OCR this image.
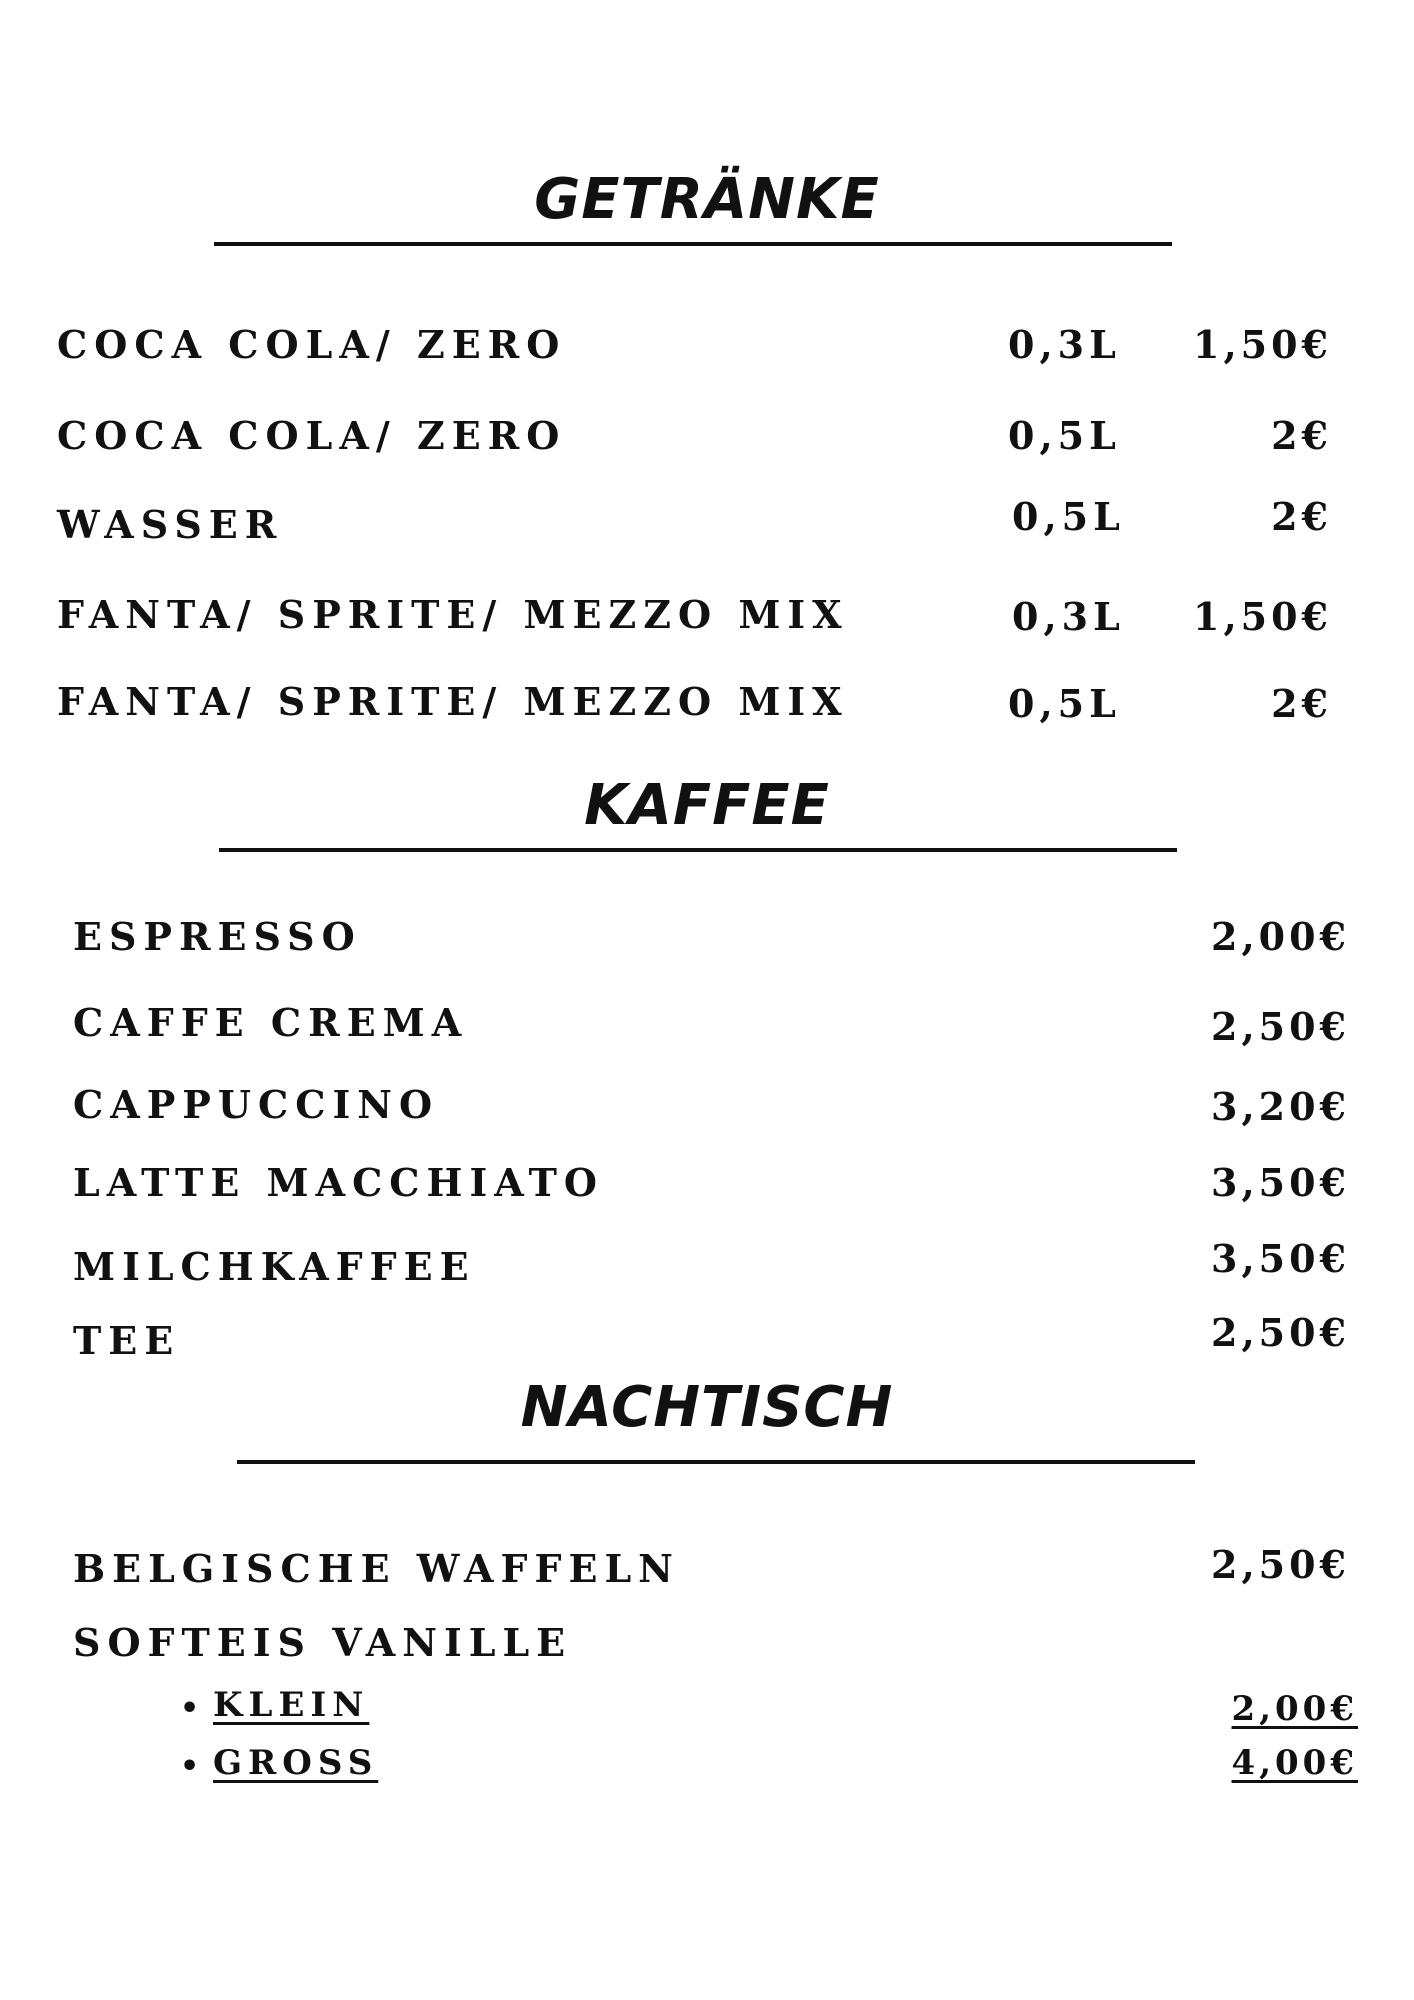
GETRÄNKE
COCA COLA/ ZERO	0,3L	1,50€
COCA COLA/ ZERO	0,5L	2€
WASSER	0,5L	2€
FANTA/ SPRITE/ MEZZO MIX	0,3L	1,50€
FANTA/ SPRITE/ MEZZO MIX	0,5L	2€
KAFFEE
ESPRESSO	2,00€
CAFFE CREMA	2,50€
CAPPUCCINO	3,20€
LATTE MACCHIATO	3,50€
MILCHKAFFEE	3,50€
TEE	2,50€
NACHTISCH
BELGISCHE WAFFELN	2,50€
SOFTEIS VANILLE
• KLEIN	2,00€
• GROSS	4,00€
